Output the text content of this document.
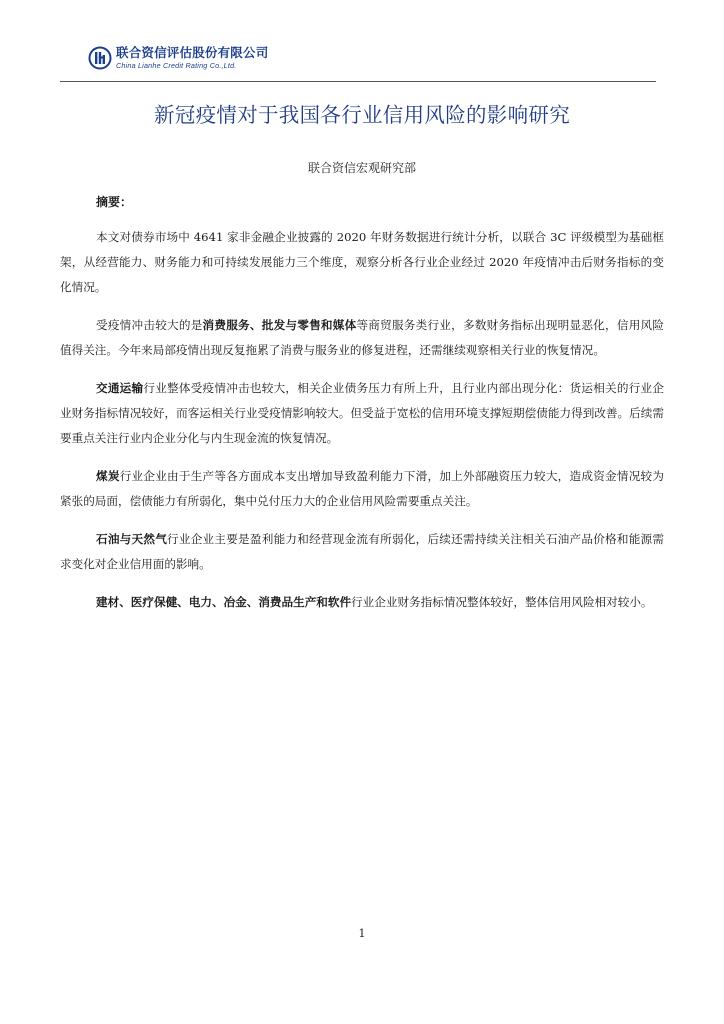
联合资信评估股份有限公司
China Lianhe Credit Rating Co.,Ltd.
新冠疫情对于我国各行业信用风险的影响研究
联合资信宏观研究部
摘要：

本文对债券市场中 4641 家非金融企业披露的 2020 年财务数据进行统计分析，以联合 3C 评级模型为基础框架，从经营能力、财务能力和可持续发展能力三个维度，观察分析各行业企业经过 2020 年疫情冲击后财务指标的变化情况。

受疫情冲击较大的是消费服务、批发与零售和媒体等商贸服务类行业，多数财务指标出现明显恶化，信用风险值得关注。今年来局部疫情出现反复拖累了消费与服务业的修复进程，还需继续观察相关行业的恢复情况。

交通运输行业整体受疫情冲击也较大，相关企业债务压力有所上升，且行业内部出现分化：货运相关的行业企业财务指标情况较好，而客运相关行业受疫情影响较大。但受益于宽松的信用环境支撑短期偿债能力得到改善。后续需要重点关注行业内企业分化与内生现金流的恢复情况。

煤炭行业企业由于生产等各方面成本支出增加导致盈利能力下滑，加上外部融资压力较大，造成资金情况较为紧张的局面，偿债能力有所弱化，集中兑付压力大的企业信用风险需要重点关注。

石油与天然气行业企业主要是盈利能力和经营现金流有所弱化，后续还需持续关注相关石油产品价格和能源需求变化对企业信用面的影响。

建材、医疗保健、电力、冶金、消费品生产和软件行业企业财务指标情况整体较好，整体信用风险相对较小。

1
